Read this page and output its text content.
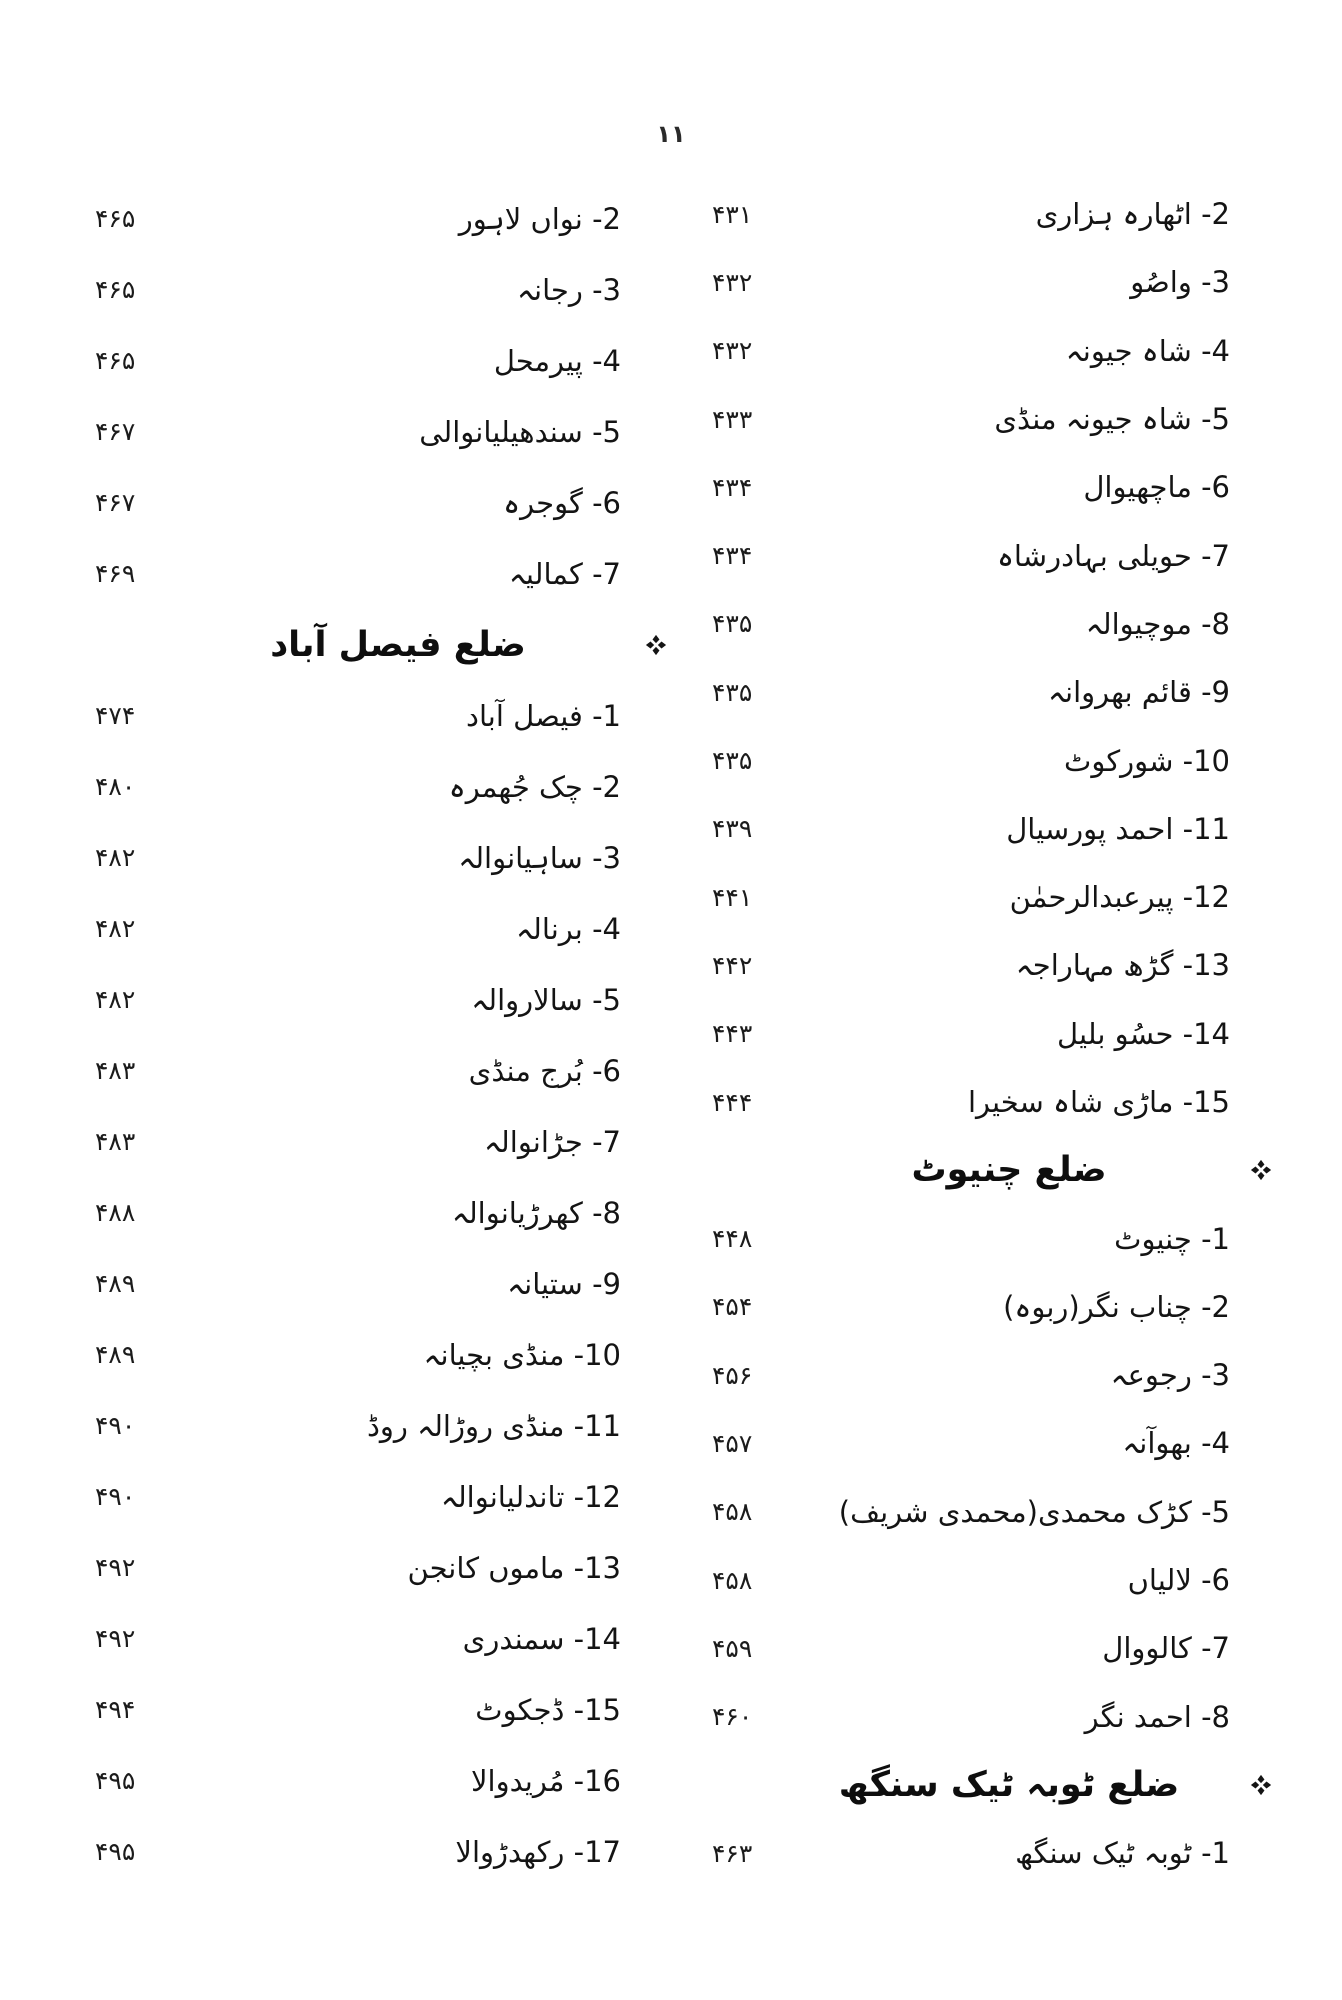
۱۱
۴۳۱	2- اٹھارہ ہزاری
۴۳۲	3- واصُو
۴۳۲	4- شاہ جیونہ
۴۳۳	5- شاہ جیونہ منڈی
۴۳۴	6- ماچھیوال
۴۳۴	7- حویلی بہادرشاہ
۴۳۵	8- موچیوالہ
۴۳۵	9- قائم بھروانہ
۴۳۵	10- شورکوٹ
۴۳۹	11- احمد پورسیال
۴۴۱	12- پیرعبدالرحمٰن
۴۴۲	13- گڑھ مہاراجہ
۴۴۳	14- حسُو بلیل
۴۴۴	15- ماڑی شاہ سخیرا
ضلع چنیوٹ
۴۴۸	1- چنیوٹ
۴۵۴	2- چناب نگر(ربوہ)
۴۵۶	3- رجوعہ
۴۵۷	4- بھوآنہ
۴۵۸	5- کڑک محمدی(محمدی شریف)
۴۵۸	6- لالیاں
۴۵۹	7- کالووال
۴۶۰	8- احمد نگر
ضلع ٹوبہ ٹیک سنگھ
۴۶۳	1- ٹوبہ ٹیک سنگھ
۴۶۵	2- نواں لاہور
۴۶۵	3- رجانہ
۴۶۵	4- پیرمحل
۴۶۷	5- سندھیلیانوالی
۴۶۷	6- گوجرہ
۴۶۹	7- کمالیہ
ضلع فیصل آباد
۴۷۴	1- فیصل آباد
۴۸۰	2- چک جُھمرہ
۴۸۲	3- ساہیانوالہ
۴۸۲	4- برنالہ
۴۸۲	5- سالاروالہ
۴۸۳	6- بُرج منڈی
۴۸۳	7- جڑانوالہ
۴۸۸	8- کھرڑیانوالہ
۴۸۹	9- ستیانہ
۴۸۹	10- منڈی بچیانہ
۴۹۰	11- منڈی روڑالہ روڈ
۴۹۰	12- تاندلیانوالہ
۴۹۲	13- ماموں کانجن
۴۹۲	14- سمندری
۴۹۴	15- ڈجکوٹ
۴۹۵	16- مُریدوالا
۴۹۵	17- رکھدڑوالا
